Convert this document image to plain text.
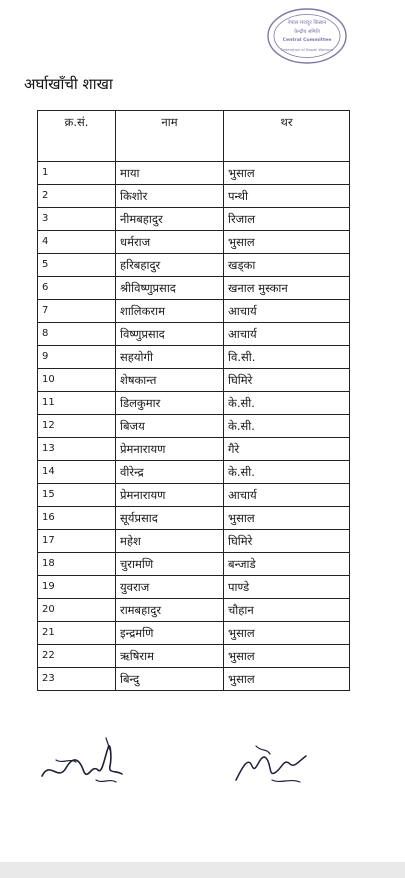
नेपाल मजदुर किसान
केन्द्रीय समिति
Central Committee
Federation of Nepali Workers
अर्घाखाँची शाखा
क्र.सं.	नाम	थर
1	माया	भुसाल
2	किशोर	पन्थी
3	नीमबहादुर	रिजाल
4	धर्मराज	भुसाल
5	हरिबहादुर	खड्का
6	श्रीविष्णुप्रसाद	खनाल मुस्कान
7	शालिकराम	आचार्य
8	विष्णुप्रसाद	आचार्य
9	सहयोगी	वि.सी.
10	शेषकान्त	घिमिरे
11	डिलकुमार	के.सी.
12	बिजय	के.सी.
13	प्रेमनारायण	गैरे
14	वीरेन्द्र	के.सी.
15	प्रेमनारायण	आचार्य
16	सूर्यप्रसाद	भुसाल
17	महेश	घिमिरे
18	चुरामणि	बन्जाडे
19	युवराज	पाण्डे
20	रामबहादुर	चौहान
21	इन्द्रमणि	भुसाल
22	ऋषिराम	भुसाल
23	बिन्दु	भुसाल
